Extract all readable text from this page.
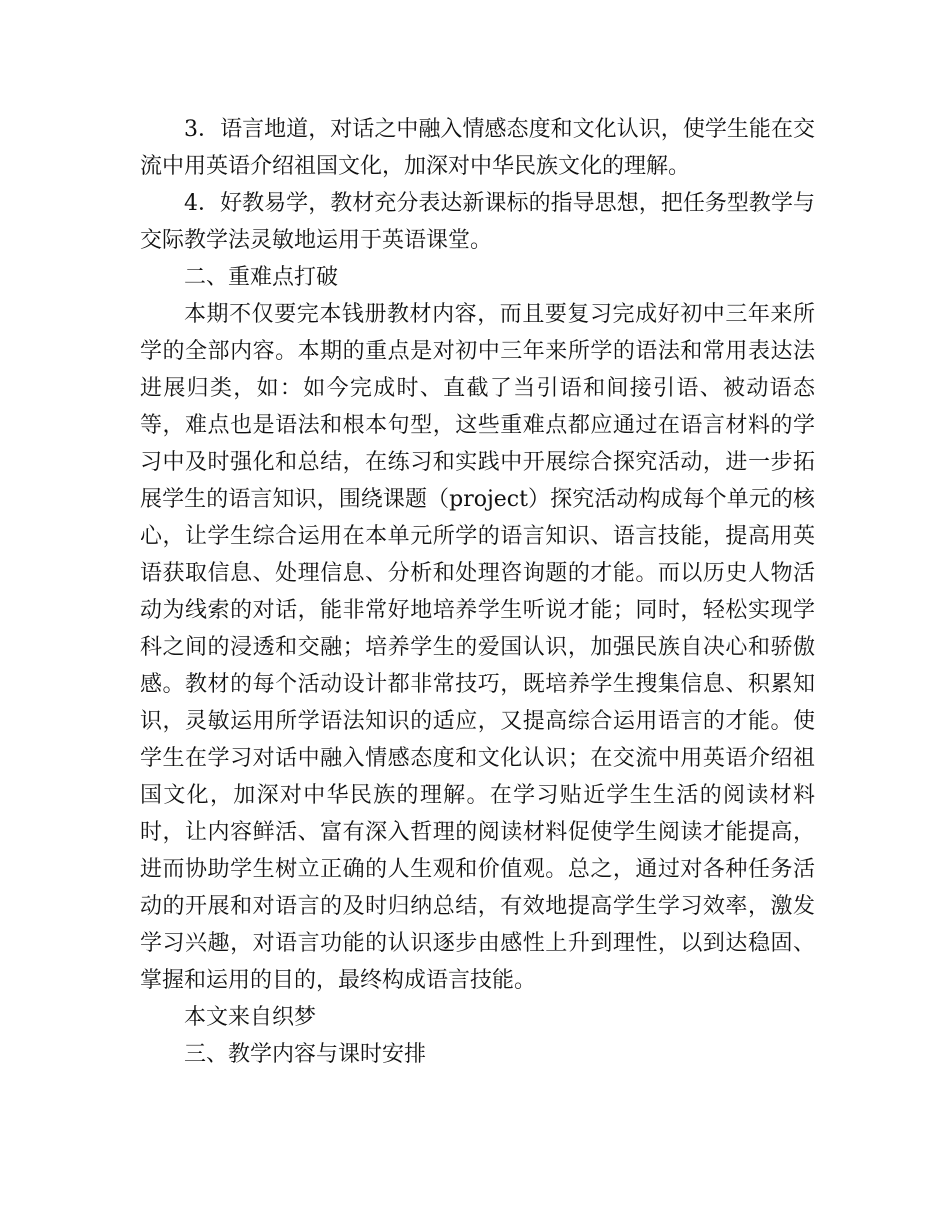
3．语言地道，对话之中融入情感态度和文化认识，使学生能在交流中用英语介绍祖国文化，加深对中华民族文化的理解。

4．好教易学，教材充分表达新课标的指导思想，把任务型教学与交际教学法灵敏地运用于英语课堂。

二、重难点打破

本期不仅要完本钱册教材内容，而且要复习完成好初中三年来所学的全部内容。本期的重点是对初中三年来所学的语法和常用表达法进展归类，如：如今完成时、直截了当引语和间接引语、被动语态等，难点也是语法和根本句型，这些重难点都应通过在语言材料的学习中及时强化和总结，在练习和实践中开展综合探究活动，进一步拓展学生的语言知识，围绕课题（project）探究活动构成每个单元的核心，让学生综合运用在本单元所学的语言知识、语言技能，提高用英语获取信息、处理信息、分析和处理咨询题的才能。而以历史人物活动为线索的对话，能非常好地培养学生听说才能；同时，轻松实现学科之间的浸透和交融；培养学生的爱国认识，加强民族自决心和骄傲感。教材的每个活动设计都非常技巧，既培养学生搜集信息、积累知识，灵敏运用所学语法知识的适应，又提高综合运用语言的才能。使学生在学习对话中融入情感态度和文化认识；在交流中用英语介绍祖国文化，加深对中华民族的理解。在学习贴近学生生活的阅读材料时，让内容鲜活、富有深入哲理的阅读材料促使学生阅读才能提高，进而协助学生树立正确的人生观和价值观。总之，通过对各种任务活动的开展和对语言的及时归纳总结，有效地提高学生学习效率，激发学习兴趣，对语言功能的认识逐步由感性上升到理性，以到达稳固、掌握和运用的目的，最终构成语言技能。

本文来自织梦

三、教学内容与课时安排
